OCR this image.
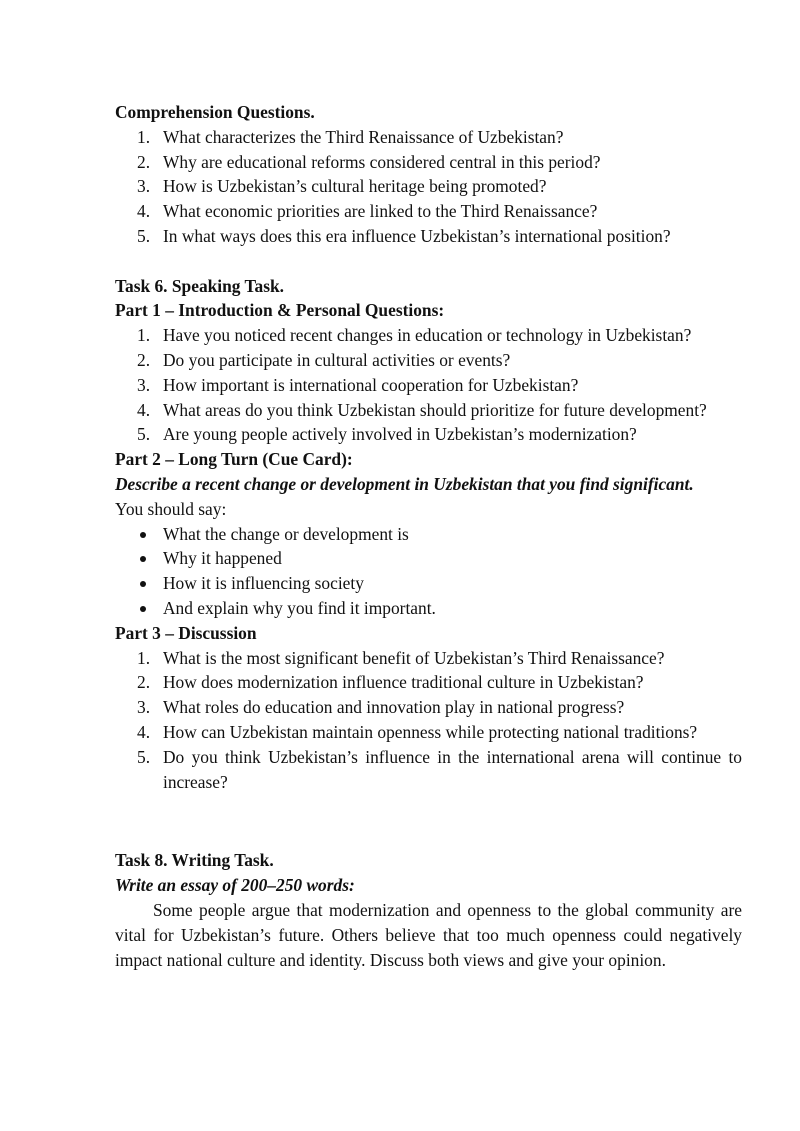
Comprehension Questions.

1. What characterizes the Third Renaissance of Uzbekistan?
2. Why are educational reforms considered central in this period?
3. How is Uzbekistan’s cultural heritage being promoted?
4. What economic priorities are linked to the Third Renaissance?
5. In what ways does this era influence Uzbekistan’s international position?

Task 6. Speaking Task.

Part 1 – Introduction & Personal Questions:

1. Have you noticed recent changes in education or technology in Uzbekistan?
2. Do you participate in cultural activities or events?
3. How important is international cooperation for Uzbekistan?
4. What areas do you think Uzbekistan should prioritize for future development?
5. Are young people actively involved in Uzbekistan’s modernization?

Part 2 – Long Turn (Cue Card):

Describe a recent change or development in Uzbekistan that you find significant.

You should say:

What the change or development is
Why it happened
How it is influencing society
And explain why you find it important.

Part 3 – Discussion

1. What is the most significant benefit of Uzbekistan’s Third Renaissance?
2. How does modernization influence traditional culture in Uzbekistan?
3. What roles do education and innovation play in national progress?
4. How can Uzbekistan maintain openness while protecting national traditions?
5. Do you think Uzbekistan’s influence in the international arena will continue to increase?

Task 8. Writing Task.

Write an essay of 200–250 words:

Some people argue that modernization and openness to the global community are vital for Uzbekistan’s future. Others believe that too much openness could negatively impact national culture and identity. Discuss both views and give your opinion.
